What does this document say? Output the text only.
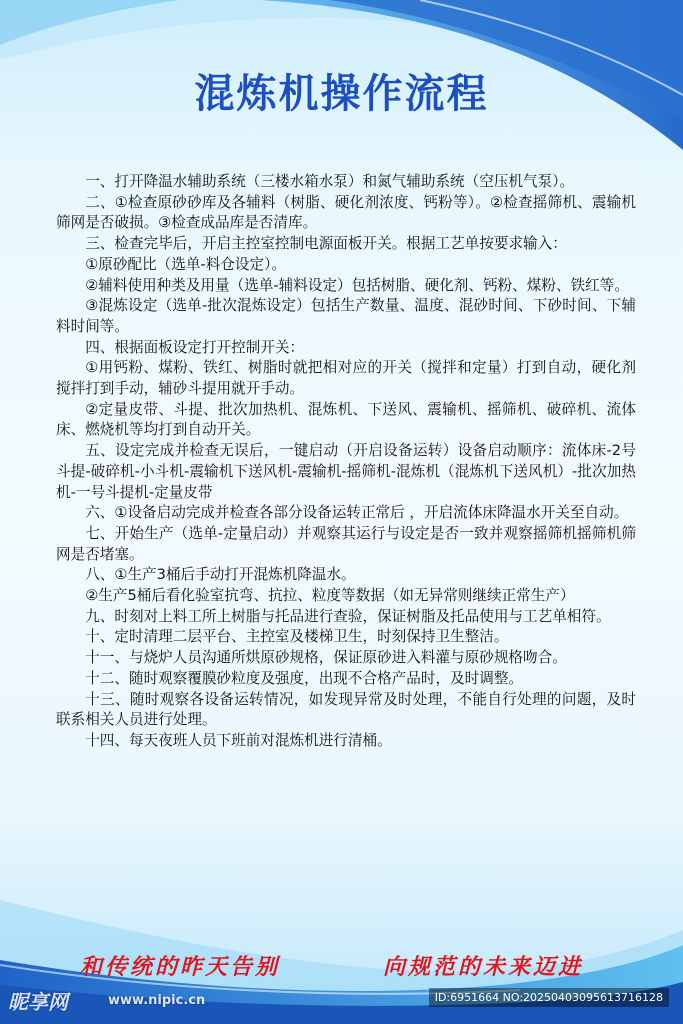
混炼机操作流程

一、打开降温水辅助系统（三楼水箱水泵）和氮气辅助系统（空压机气泵）。

二、①检查原砂砂库及各辅料（树脂、硬化剂浓度、钙粉等）。②检查摇筛机、震输机筛网是否破损。③检查成品库是否清库。

三、检查完毕后，开启主控室控制电源面板开关。根据工艺单按要求输入：

①原砂配比（选单-料仓设定）。

②辅料使用种类及用量（选单-辅料设定）包括树脂、硬化剂、钙粉、煤粉、铁红等。

③混炼设定（选单-批次混炼设定）包括生产数量、温度、混砂时间、下砂时间、下辅料时间等。

四、根据面板设定打开控制开关：

①用钙粉、煤粉、铁红、树脂时就把相对应的开关（搅拌和定量）打到自动，硬化剂搅拌打到手动，辅砂斗提用就开手动。

②定量皮带、斗提、批次加热机、混炼机、下送风、震输机、摇筛机、破碎机、流体床、燃烧机等均打到自动开关。

五、设定完成并检查无误后，一键启动（开启设备运转）设备启动顺序：流体床-2号斗提-破碎机-小斗机-震输机下送风机-震输机-摇筛机-混炼机（混炼机下送风机）-批次加热机-一号斗提机-定量皮带

六、①设备启动完成并检查各部分设备运转正常后 ，开启流体床降温水开关至自动。

七、开始生产（选单-定量启动）并观察其运行与设定是否一致并观察摇筛机摇筛机筛网是否堵塞。

八、①生产3桶后手动打开混炼机降温水。

②生产5桶后看化验室抗弯、抗拉、粒度等数据（如无异常则继续正常生产）

九、时刻对上料工所上树脂与托品进行查验，保证树脂及托品使用与工艺单相符。

十、定时清理二层平台、主控室及楼梯卫生，时刻保持卫生整洁。

十一、与烧炉人员沟通所烘原砂规格，保证原砂进入料灌与原砂规格吻合。

十二、随时观察覆膜砂粒度及强度，出现不合格产品时，及时调整。

十三、随时观察各设备运转情况，如发现异常及时处理，不能自行处理的问题，及时联系相关人员进行处理。

十四、每天夜班人员下班前对混炼机进行清桶。

和传统的昨天告别	向规范的未来迈进
昵享网	www.nipic.cn	ID:6951664 NO:20250403095613716128
